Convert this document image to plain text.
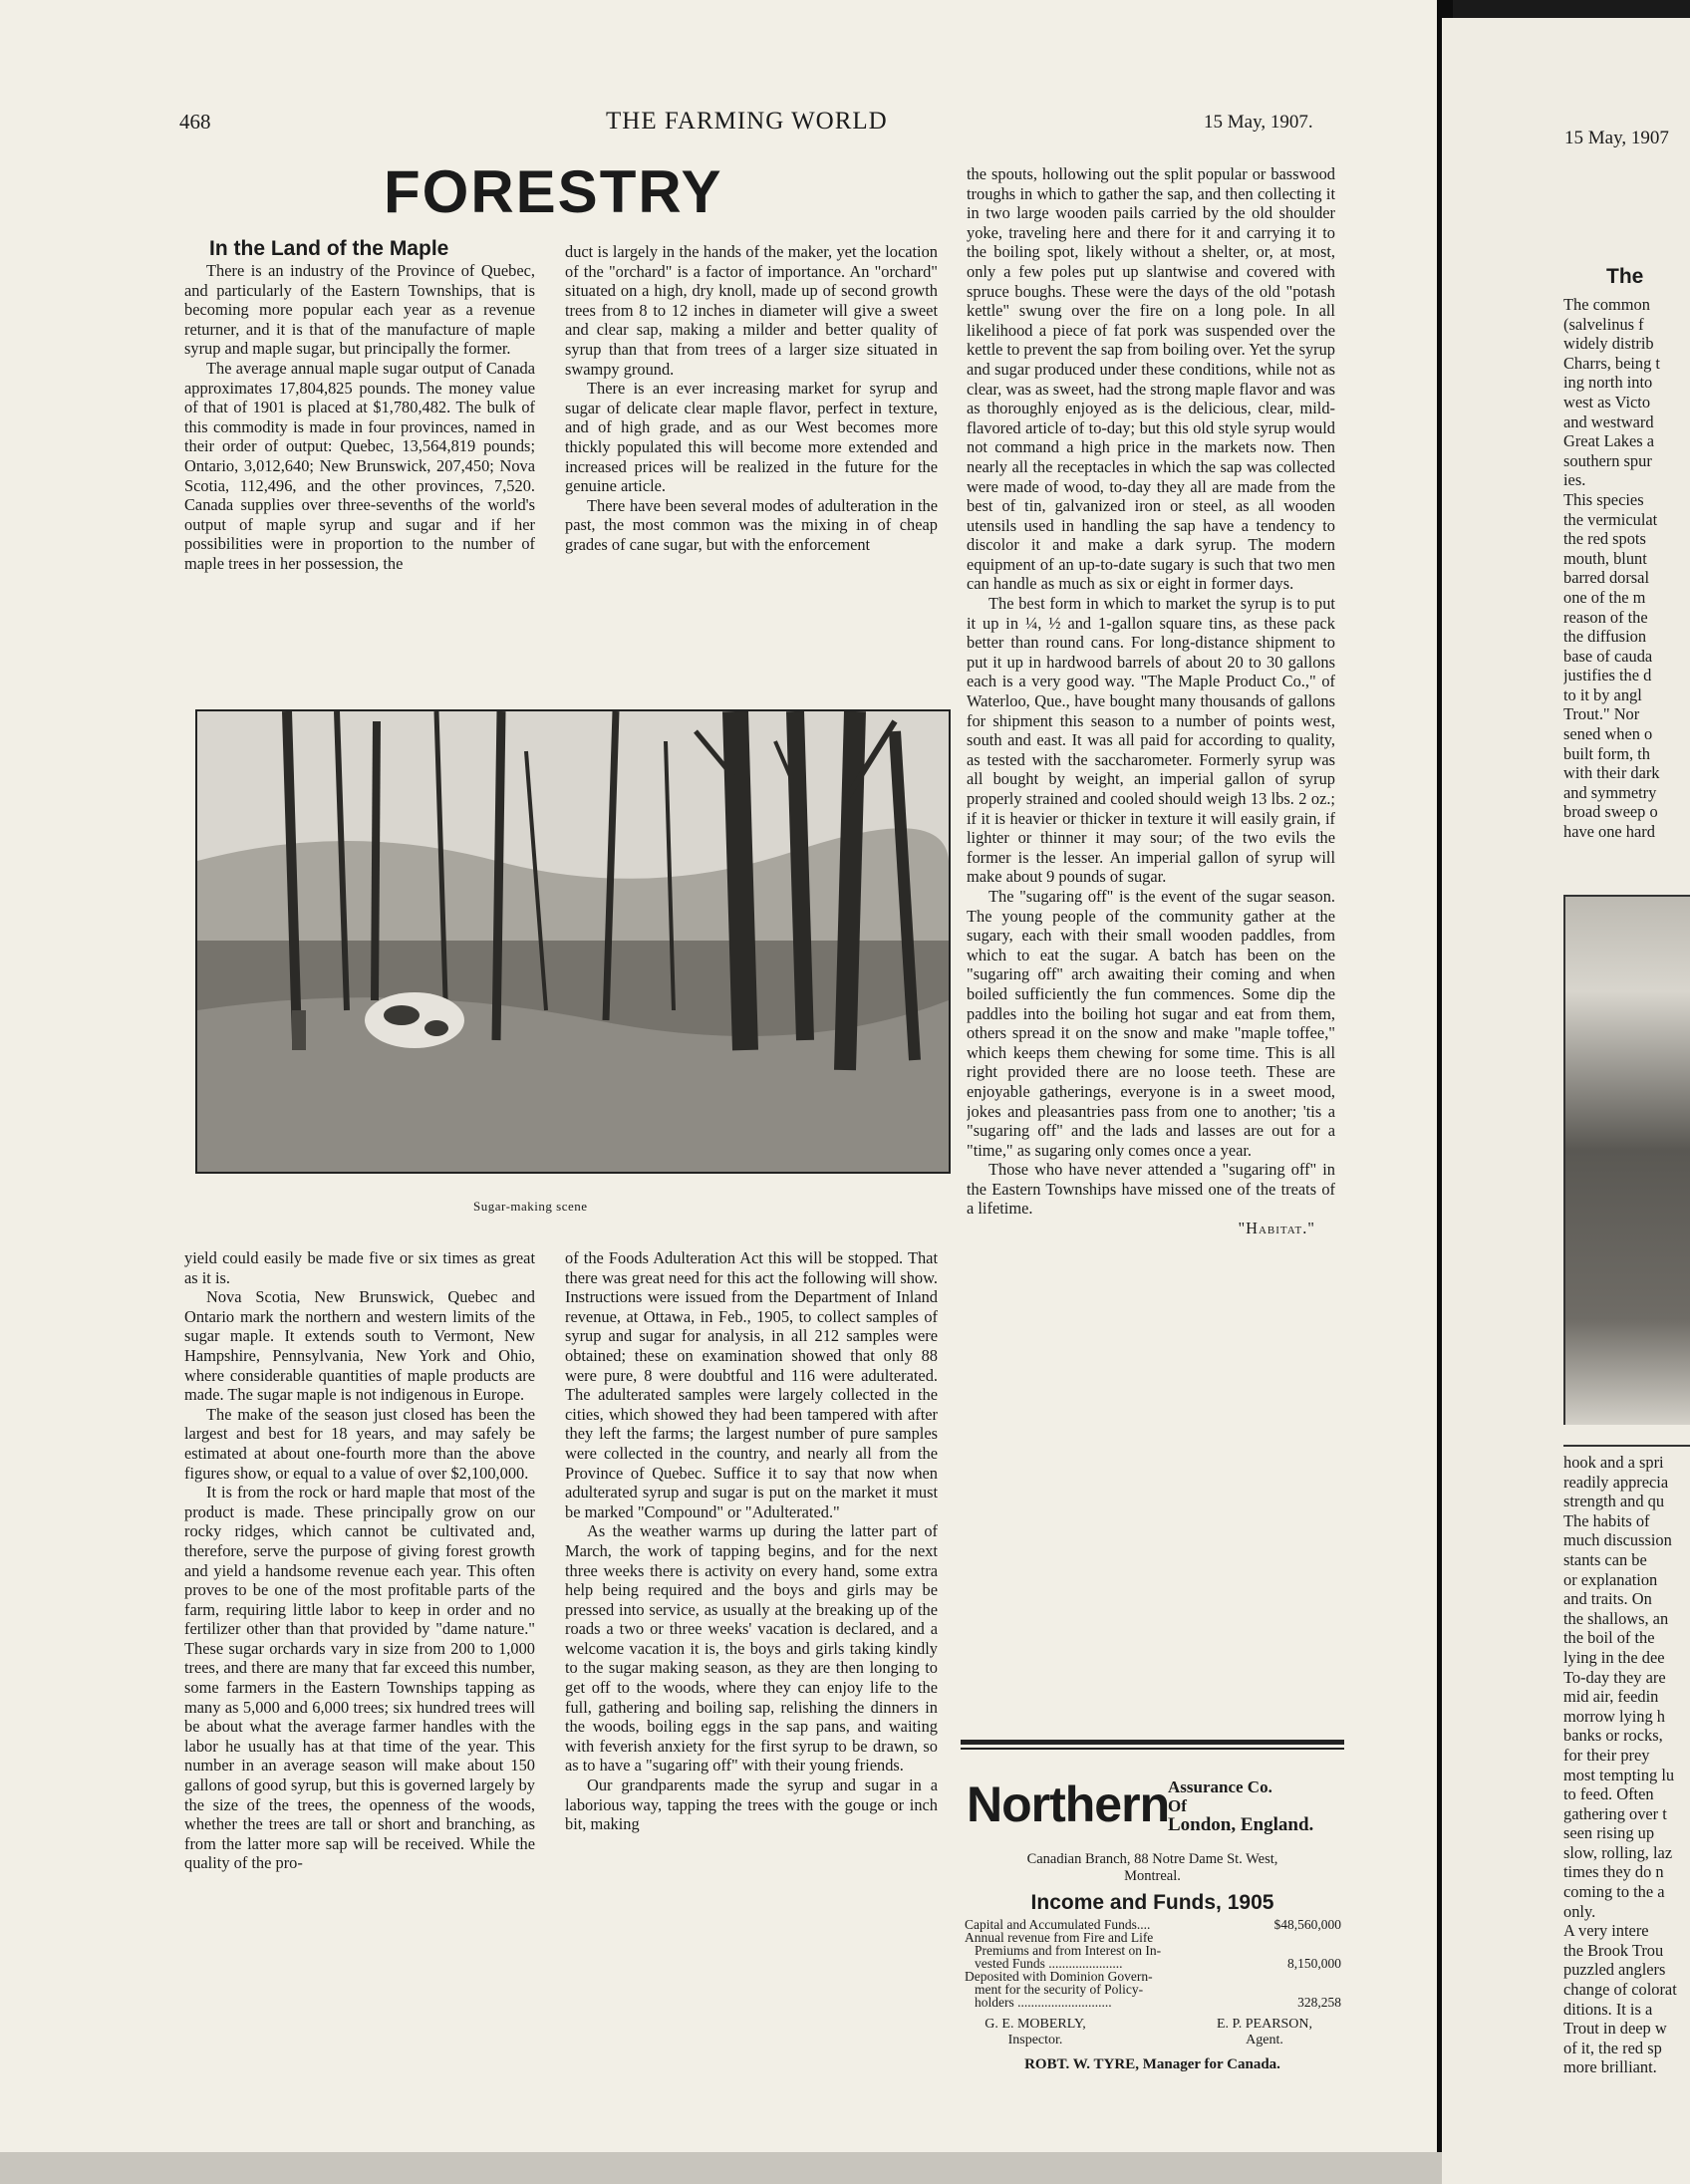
468	THE FARMING WORLD	15 May, 1907.
FORESTRY
In the Land of the Maple

There is an industry of the Province of Quebec, and particularly of the Eastern Townships, that is becoming more popular each year as a revenue returner, and it is that of the manufacture of maple syrup and maple sugar, but principally the former.

The average annual maple sugar output of Canada approximates 17,804,825 pounds. The money value of that of 1901 is placed at $1,780,482. The bulk of this commodity is made in four provinces, named in their order of output: Quebec, 13,564,819 pounds; Ontario, 3,012,640; New Brunswick, 207,450; Nova Scotia, 112,496, and the other provinces, 7,520. Canada supplies over three-sevenths of the world's output of maple syrup and sugar and if her possibilities were in proportion to the number of maple trees in her possession, the

duct is largely in the hands of the maker, yet the location of the "orchard" is a factor of importance. An "orchard" situated on a high, dry knoll, made up of second growth trees from 8 to 12 inches in diameter will give a sweet and clear sap, making a milder and better quality of syrup than that from trees of a larger size situated in swampy ground.

There is an ever increasing market for syrup and sugar of delicate clear maple flavor, perfect in texture, and of high grade, and as our West becomes more thickly populated this will become more extended and increased prices will be realized in the future for the genuine article.

There have been several modes of adulteration in the past, the most common was the mixing in of cheap grades of cane sugar, but with the enforcement

Sugar-making scene

yield could easily be made five or six times as great as it is.

Nova Scotia, New Brunswick, Quebec and Ontario mark the northern and western limits of the sugar maple. It extends south to Vermont, New Hampshire, Pennsylvania, New York and Ohio, where considerable quantities of maple products are made. The sugar maple is not indigenous in Europe.

The make of the season just closed has been the largest and best for 18 years, and may safely be estimated at about one-fourth more than the above figures show, or equal to a value of over $2,100,000.

It is from the rock or hard maple that most of the product is made. These principally grow on our rocky ridges, which cannot be cultivated and, therefore, serve the purpose of giving forest growth and yield a handsome revenue each year. This often proves to be one of the most profitable parts of the farm, requiring little labor to keep in order and no fertilizer other than that provided by "dame nature." These sugar orchards vary in size from 200 to 1,000 trees, and there are many that far exceed this number, some farmers in the Eastern Townships tapping as many as 5,000 and 6,000 trees; six hundred trees will be about what the average farmer handles with the labor he usually has at that time of the year. This number in an average season will make about 150 gallons of good syrup, but this is governed largely by the size of the trees, the openness of the woods, whether the trees are tall or short and branching, as from the latter more sap will be received. While the quality of the pro-

of the Foods Adulteration Act this will be stopped. That there was great need for this act the following will show. Instructions were issued from the Department of Inland revenue, at Ottawa, in Feb., 1905, to collect samples of syrup and sugar for analysis, in all 212 samples were obtained; these on examination showed that only 88 were pure, 8 were doubtful and 116 were adulterated. The adulterated samples were largely collected in the cities, which showed they had been tampered with after they left the farms; the largest number of pure samples were collected in the country, and nearly all from the Province of Quebec. Suffice it to say that now when adulterated syrup and sugar is put on the market it must be marked "Compound" or "Adulterated."

As the weather warms up during the latter part of March, the work of tapping begins, and for the next three weeks there is activity on every hand, some extra help being required and the boys and girls may be pressed into service, as usually at the breaking up of the roads a two or three weeks' vacation is declared, and a welcome vacation it is, the boys and girls taking kindly to the sugar making season, as they are then longing to get off to the woods, where they can enjoy life to the full, gathering and boiling sap, relishing the dinners in the woods, boiling eggs in the sap pans, and waiting with feverish anxiety for the first syrup to be drawn, so as to have a "sugaring off" with their young friends.

Our grandparents made the syrup and sugar in a laborious way, tapping the trees with the gouge or inch bit, making

the spouts, hollowing out the split popular or basswood troughs in which to gather the sap, and then collecting it in two large wooden pails carried by the old shoulder yoke, traveling here and there for it and carrying it to the boiling spot, likely without a shelter, or, at most, only a few poles put up slantwise and covered with spruce boughs. These were the days of the old "potash kettle" swung over the fire on a long pole. In all likelihood a piece of fat pork was suspended over the kettle to prevent the sap from boiling over. Yet the syrup and sugar produced under these conditions, while not as clear, was as sweet, had the strong maple flavor and was as thoroughly enjoyed as is the delicious, clear, mild-flavored article of to-day; but this old style syrup would not command a high price in the markets now. Then nearly all the receptacles in which the sap was collected were made of wood, to-day they all are made from the best of tin, galvanized iron or steel, as all wooden utensils used in handling the sap have a tendency to discolor it and make a dark syrup. The modern equipment of an up-to-date sugary is such that two men can handle as much as six or eight in former days.

The best form in which to market the syrup is to put it up in ¼, ½ and 1-gallon square tins, as these pack better than round cans. For long-distance shipment to put it up in hardwood barrels of about 20 to 30 gallons each is a very good way. "The Maple Product Co.," of Waterloo, Que., have bought many thousands of gallons for shipment this season to a number of points west, south and east. It was all paid for according to quality, as tested with the saccharometer. Formerly syrup was all bought by weight, an imperial gallon of syrup properly strained and cooled should weigh 13 lbs. 2 oz.; if it is heavier or thicker in texture it will easily grain, if lighter or thinner it may sour; of the two evils the former is the lesser. An imperial gallon of syrup will make about 9 pounds of sugar.

The "sugaring off" is the event of the sugar season. The young people of the community gather at the sugary, each with their small wooden paddles, from which to eat the sugar. A batch has been on the "sugaring off" arch awaiting their coming and when boiled sufficiently the fun commences. Some dip the paddles into the boiling hot sugar and eat from them, others spread it on the snow and make "maple toffee," which keeps them chewing for some time. This is all right provided there are no loose teeth. These are enjoyable gatherings, everyone is in a sweet mood, jokes and pleasantries pass from one to another; 'tis a "sugaring off" and the lads and lasses are out for a "time," as sugaring only comes once a year.

Those who have never attended a "sugaring off" in the Eastern Townships have missed one of the treats of a lifetime.

"Habitat."

Northern
Assurance Co.
Of
London, England.
Canadian Branch, 88 Notre Dame St. West,
Montreal.
Income and Funds, 1905
Capital and Accumulated Funds....	$48,560,000
Annual revenue from Fire and Life
Premiums and from Interest on In-
vested Funds ......................	8,150,000
Deposited with Dominion Govern-
ment for the security of Policy-
holders ............................	328,258
G. E. MOBERLY,
Inspector.
E. P. PEARSON,
Agent.
ROBT. W. TYRE, Manager for Canada.
15 May, 1907
The

The common

(salvelinus f

widely distrib

Charrs, being t

ing north into

west as Victo

and westward

Great Lakes a

southern spur

ies.

This species

the vermiculat

the red spots

mouth, blunt

barred dorsal

one of the m

reason of the

the diffusion

base of cauda

justifies the d

to it by angl

Trout." Nor

sened when o

built form, th

with their dark

and symmetry

broad sweep o

have one hard

hook and a spri

readily apprecia

strength and qu

The habits of

much discussion

stants can be

or explanation

and traits. On

the shallows, an

the boil of the

lying in the dee

To-day they are

mid air, feedin

morrow lying h

banks or rocks,

for their prey

most tempting lu

to feed. Often

gathering over t

seen rising up

slow, rolling, laz

times they do n

coming to the a

only.

A very intere

the Brook Trou

puzzled anglers

change of colorat

ditions. It is a

Trout in deep w

of it, the red sp

more brilliant.
